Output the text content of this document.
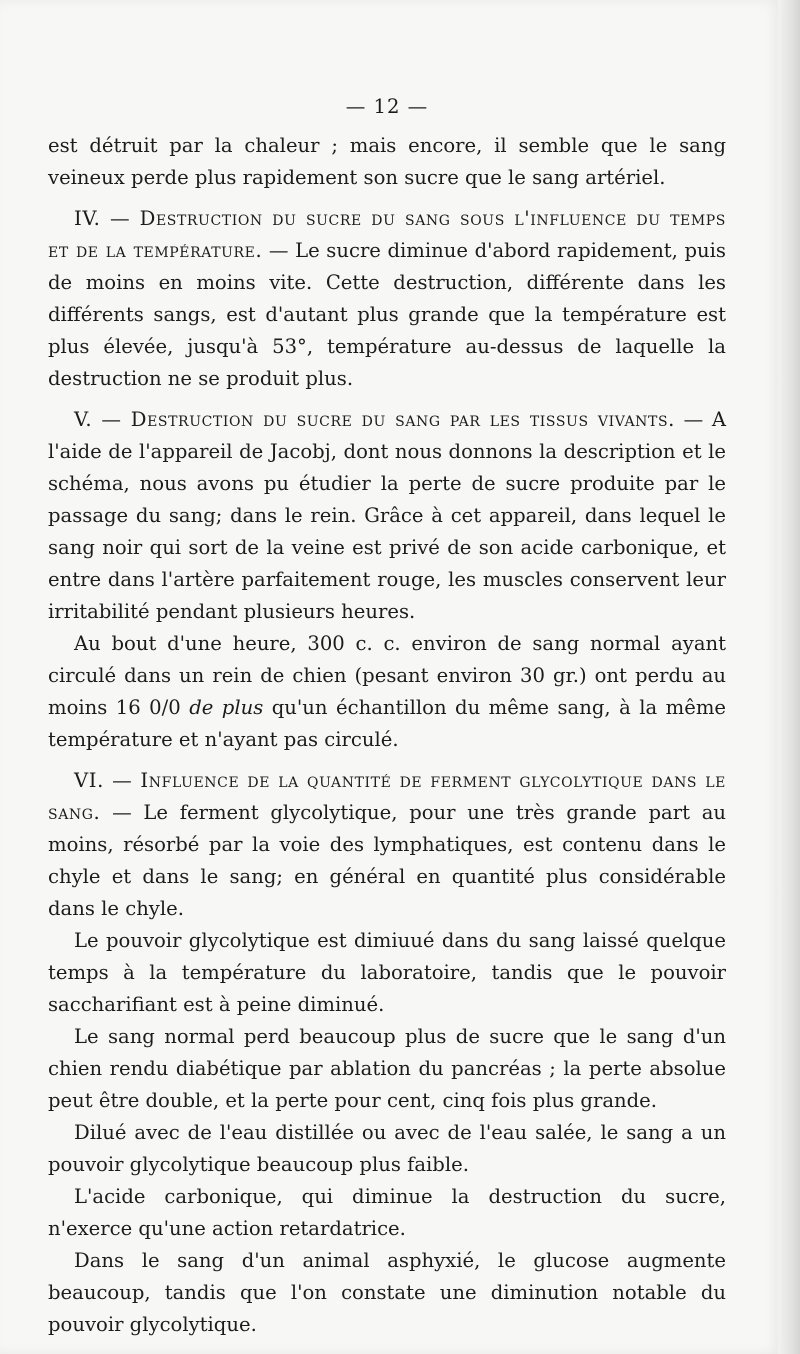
— 12 —

est détruit par la chaleur ; mais encore, il semble que le sang veineux perde plus rapidement son sucre que le sang artériel.

IV. — Destruction du sucre du sang sous l'influence du temps et de la température. — Le sucre diminue d'abord rapidement, puis de moins en moins vite. Cette destruction, différente dans les différents sangs, est d'autant plus grande que la température est plus élevée, jusqu'à 53°, température au-dessus de laquelle la destruction ne se produit plus.

V. — Destruction du sucre du sang par les tissus vivants. — A l'aide de l'appareil de Jacobj, dont nous donnons la description et le schéma, nous avons pu étudier la perte de sucre produite par le passage du sang; dans le rein. Grâce à cet appareil, dans lequel le sang noir qui sort de la veine est privé de son acide carbonique, et entre dans l'artère parfaitement rouge, les muscles conservent leur irritabilité pendant plusieurs heures.

Au bout d'une heure, 300 c. c. environ de sang normal ayant circulé dans un rein de chien (pesant environ 30 gr.) ont perdu au moins 16 0/0 de plus qu'un échantillon du même sang, à la même température et n'ayant pas circulé.

VI. — Influence de la quantité de ferment glycolytique dans le sang. — Le ferment glycolytique, pour une très grande part au moins, résorbé par la voie des lymphatiques, est contenu dans le chyle et dans le sang; en général en quantité plus considérable dans le chyle.

Le pouvoir glycolytique est dimiuué dans du sang laissé quelque temps à la température du laboratoire, tandis que le pouvoir saccharifiant est à peine diminué.

Le sang normal perd beaucoup plus de sucre que le sang d'un chien rendu diabétique par ablation du pancréas ; la perte absolue peut être double, et la perte pour cent, cinq fois plus grande.

Dilué avec de l'eau distillée ou avec de l'eau salée, le sang a un pouvoir glycolytique beaucoup plus faible.

L'acide carbonique, qui diminue la destruction du sucre, n'exerce qu'une action retardatrice.

Dans le sang d'un animal asphyxié, le glucose augmente beaucoup, tandis que l'on constate une diminution notable du pouvoir glycolytique.
